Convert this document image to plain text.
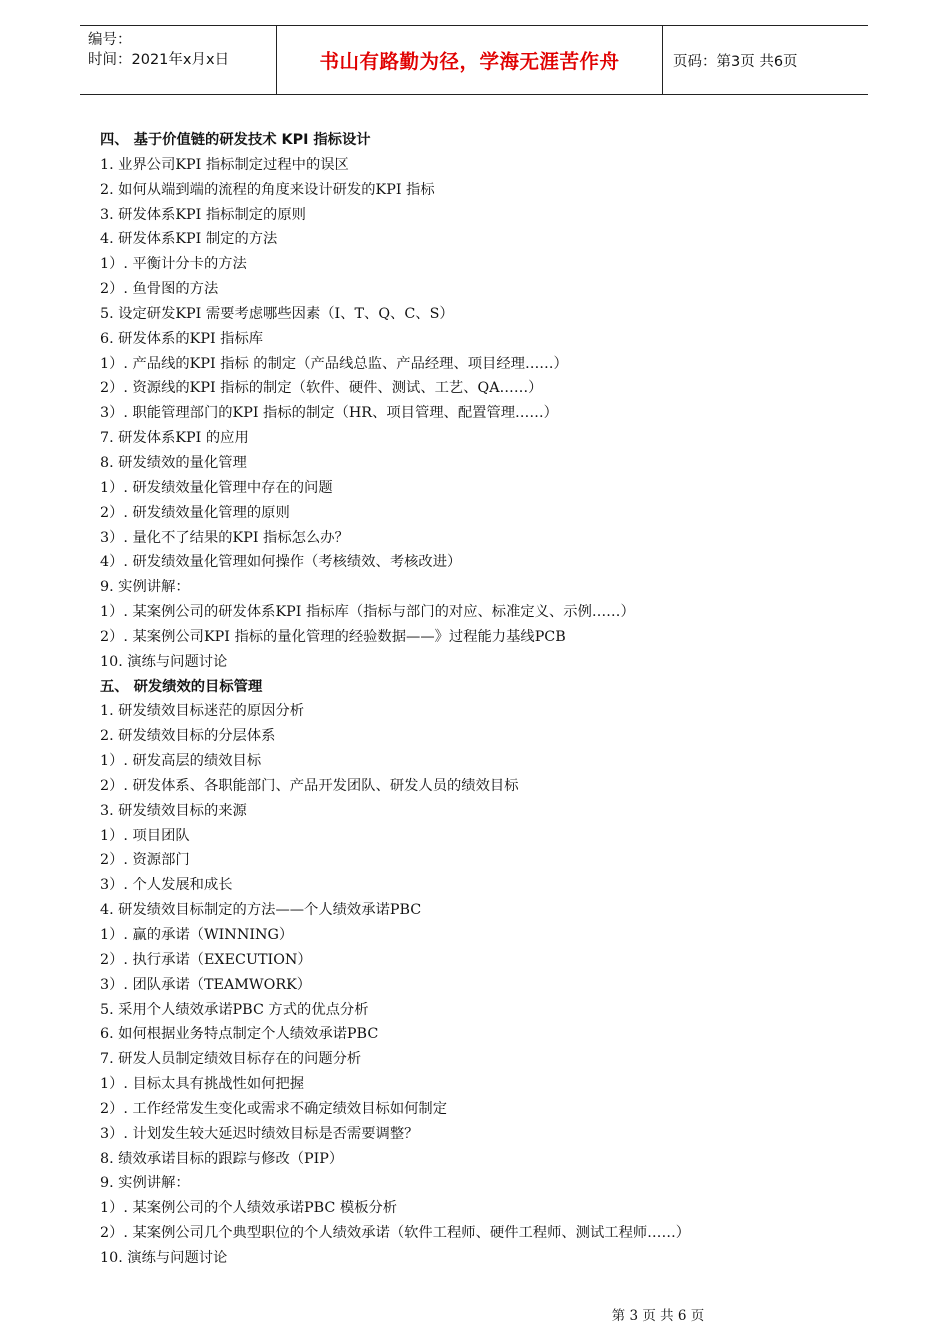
编号：
时间：2021年x月x日	书山有路勤为径，学海无涯苦作舟	页码：第3页 共6页
四、 基于价值链的研发技术 KPI 指标设计
1. 业界公司KPI 指标制定过程中的误区
2. 如何从端到端的流程的角度来设计研发的KPI 指标
3. 研发体系KPI 指标制定的原则
4. 研发体系KPI 制定的方法
1）. 平衡计分卡的方法
2）. 鱼骨图的方法
5. 设定研发KPI 需要考虑哪些因素（I、T、Q、C、S）
6. 研发体系的KPI 指标库
1）. 产品线的KPI 指标 的制定（产品线总监、产品经理、项目经理……）
2）. 资源线的KPI 指标的制定（软件、硬件、测试、工艺、QA……）
3）. 职能管理部门的KPI 指标的制定（HR、项目管理、配置管理……）
7. 研发体系KPI 的应用
8. 研发绩效的量化管理
1）. 研发绩效量化管理中存在的问题
2）. 研发绩效量化管理的原则
3）. 量化不了结果的KPI 指标怎么办？
4）. 研发绩效量化管理如何操作（考核绩效、考核改进）
9. 实例讲解：
1）. 某案例公司的研发体系KPI 指标库（指标与部门的对应、标准定义、示例……）
2）. 某案例公司KPI 指标的量化管理的经验数据——》过程能力基线PCB
10. 演练与问题讨论
五、 研发绩效的目标管理
1. 研发绩效目标迷茫的原因分析
2. 研发绩效目标的分层体系
1）. 研发高层的绩效目标
2）. 研发体系、各职能部门、产品开发团队、研发人员的绩效目标
3. 研发绩效目标的来源
1）. 项目团队
2）. 资源部门
3）. 个人发展和成长
4. 研发绩效目标制定的方法——个人绩效承诺PBC
1）. 赢的承诺（WINNING）
2）. 执行承诺（EXECUTION）
3）. 团队承诺（TEAMWORK）
5. 采用个人绩效承诺PBC 方式的优点分析
6. 如何根据业务特点制定个人绩效承诺PBC
7. 研发人员制定绩效目标存在的问题分析
1）. 目标太具有挑战性如何把握
2）. 工作经常发生变化或需求不确定绩效目标如何制定
3）. 计划发生较大延迟时绩效目标是否需要调整？
8. 绩效承诺目标的跟踪与修改（PIP）
9. 实例讲解：
1）. 某案例公司的个人绩效承诺PBC 模板分析
2）. 某案例公司几个典型职位的个人绩效承诺（软件工程师、硬件工程师、测试工程师……）
10. 演练与问题讨论
第 3 页 共 6 页
